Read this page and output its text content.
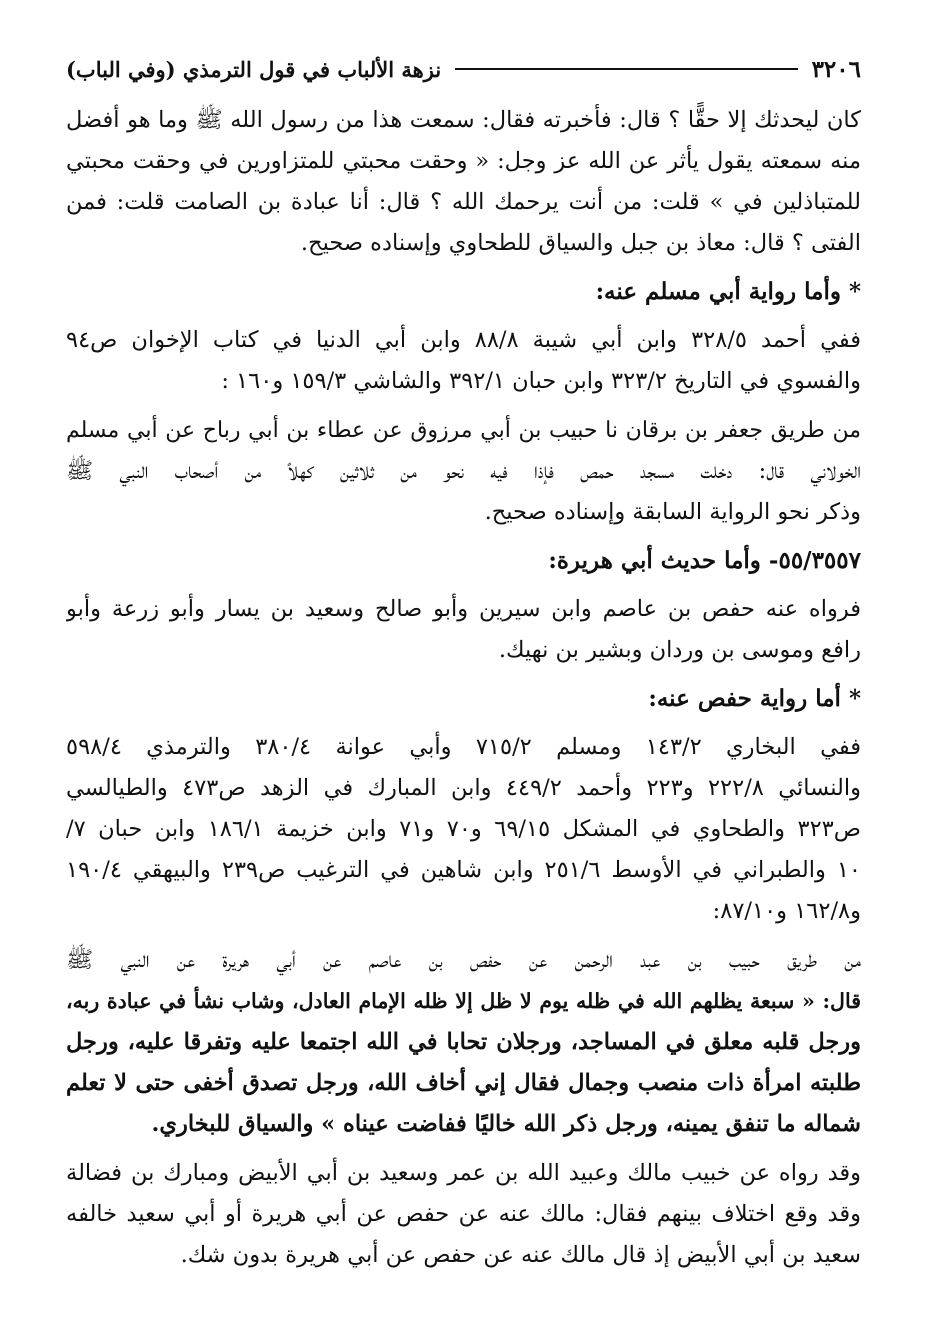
٣٢٠٦
نزهة الألباب في قول الترمذي (وفي الباب)
كان ليحدثك إلا حقًّا ؟ قال: فأخبرته فقال: سمعت هذا من رسول الله ﷺ وما هو أفضل
منه سمعته يقول يأثر عن الله عز وجل: « وحقت محبتي للمتزاورين في وحقت محبتي
للمتباذلين في » قلت: من أنت يرحمك الله ؟ قال: أنا عبادة بن الصامت قلت: فمن
الفتى ؟ قال: معاذ بن جبل والسياق للطحاوي وإسناده صحيح.
* وأما رواية أبي مسلم عنه:
ففي أحمد ٣٢٨/٥ وابن أبي شيبة ٨٨/٨ وابن أبي الدنيا في كتاب الإخوان ص٩٤
والفسوي في التاريخ ٣٢٣/٢ وابن حبان ٣٩٢/١ والشاشي ١٥٩/٣ و١٦٠ :
من طريق جعفر بن برقان نا حبيب بن أبي مرزوق عن عطاء بن أبي رباح عن أبي مسلم
الخولاني قال: دخلت مسجد حمص فإذا فيه نحو من ثلاثين كهلاً من أصحاب النبي ﷺ
وذكر نحو الرواية السابقة وإسناده صحيح.
٥٥/٣٥٥٧- وأما حديث أبي هريرة:
فرواه عنه حفص بن عاصم وابن سيرين وأبو صالح وسعيد بن يسار وأبو زرعة وأبو
رافع وموسى بن وردان وبشير بن نهيك.
* أما رواية حفص عنه:
ففي البخاري ١٤٣/٢ ومسلم ٧١٥/٢ وأبي عوانة ٣٨٠/٤ والترمذي ٥٩٨/٤
والنسائي ٢٢٢/٨ و٢٢٣ وأحمد ٤٤٩/٢ وابن المبارك في الزهد ص٤٧٣ والطيالسي
ص٣٢٣ والطحاوي في المشكل ٦٩/١٥ و٧٠ و٧١ وابن خزيمة ١٨٦/١ وابن حبان ٧/
١٠ والطبراني في الأوسط ٢٥١/٦ وابن شاهين في الترغيب ص٢٣٩ والبيهقي ١٩٠/٤
و١٦٢/٨ و٨٧/١٠:
من طريق حبيب بن عبد الرحمن عن حفص بن عاصم عن أبي هريرة عن النبي ﷺ
قال: « سبعة يظلهم الله في ظله يوم لا ظل إلا ظله الإمام العادل، وشاب نشأ في عبادة ربه،
ورجل قلبه معلق في المساجد، ورجلان تحابا في الله اجتمعا عليه وتفرقا عليه، ورجل
طلبته امرأة ذات منصب وجمال فقال إني أخاف الله، ورجل تصدق أخفى حتى لا تعلم
شماله ما تنفق يمينه، ورجل ذكر الله خاليًا ففاضت عيناه » والسياق للبخاري.
وقد رواه عن خبيب مالك وعبيد الله بن عمر وسعيد بن أبي الأبيض ومبارك بن فضالة
وقد وقع اختلاف بينهم فقال: مالك عنه عن حفص عن أبي هريرة أو أبي سعيد خالفه
سعيد بن أبي الأبيض إذ قال مالك عنه عن حفص عن أبي هريرة بدون شك.
